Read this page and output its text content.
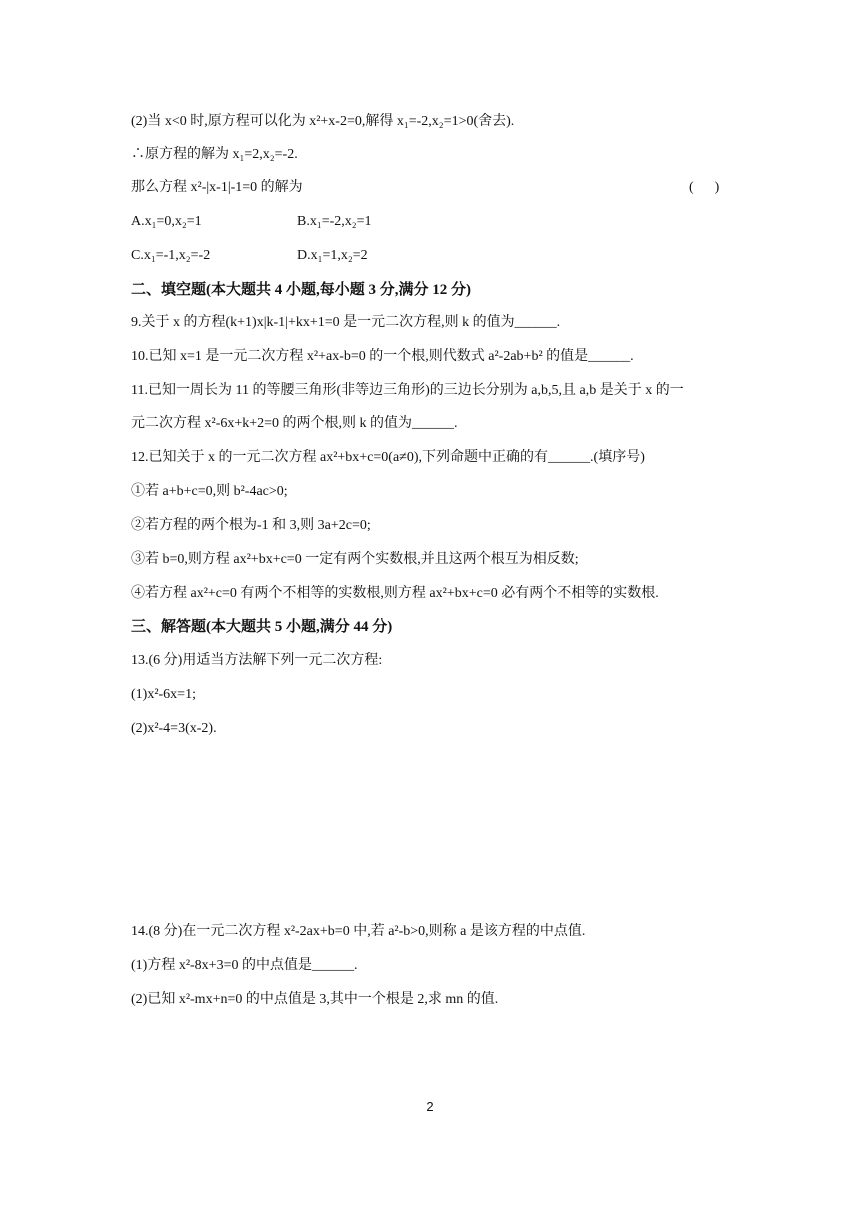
(2)当 x<0 时,原方程可以化为 x²+x-2=0,解得 x₁=-2,x₂=1>0(舍去).
∴原方程的解为 x₁=2,x₂=-2.
那么方程 x²-|x-1|-1=0 的解为	(      )
A.x₁=0,x₂=1	B.x₁=-2,x₂=1
C.x₁=-1,x₂=-2	D.x₁=1,x₂=2
二、填空题(本大题共 4 小题,每小题 3 分,满分 12 分)
9.关于 x 的方程(k+1)x|k-1|+kx+1=0 是一元二次方程,则 k 的值为______.
10.已知 x=1 是一元二次方程 x²+ax-b=0 的一个根,则代数式 a²-2ab+b² 的值是______.
11.已知一周长为 11 的等腰三角形(非等边三角形)的三边长分别为 a,b,5,且 a,b 是关于 x 的一
元二次方程 x²-6x+k+2=0 的两个根,则 k 的值为______.
12.已知关于 x 的一元二次方程 ax²+bx+c=0(a≠0),下列命题中正确的有______.(填序号)
①若 a+b+c=0,则 b²-4ac>0;
②若方程的两个根为-1 和 3,则 3a+2c=0;
③若 b=0,则方程 ax²+bx+c=0 一定有两个实数根,并且这两个根互为相反数;
④若方程 ax²+c=0 有两个不相等的实数根,则方程 ax²+bx+c=0 必有两个不相等的实数根.
三、解答题(本大题共 5 小题,满分 44 分)
13.(6 分)用适当方法解下列一元二次方程:
(1)x²-6x=1;
(2)x²-4=3(x-2).
14.(8 分)在一元二次方程 x²-2ax+b=0 中,若 a²-b>0,则称 a 是该方程的中点值.
(1)方程 x²-8x+3=0 的中点值是______.
(2)已知 x²-mx+n=0 的中点值是 3,其中一个根是 2,求 mn 的值.
2
